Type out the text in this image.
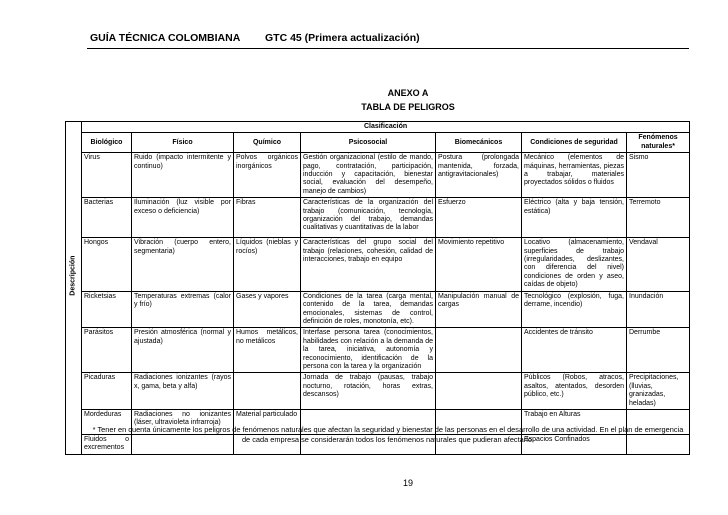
GUÍA TÉCNICA COLOMBIANA GTC 45 (Primera actualización)
ANEXO A
TABLA DE PELIGROS
Descripción	Clasificación						
	Biológico	Físico	Químico	Psicosocial	Biomecánicos	Condiciones de seguridad	Fenómenos naturales*
	Virus	Ruido (impacto intermitente y continuo)	Polvos orgánicos inorgánicos	Gestión organizacional (estilo de mando, pago, contratación, participación, inducción y capacitación, bienestar social, evaluación del desempeño, manejo de cambios)	Postura (prolongada mantenida, forzada, antigravitacionales)	Mecánico (elementos de máquinas, herramientas, piezas a trabajar, materiales proyectados sólidos o fluidos	Sismo
	Bacterias	Iluminación (luz visible por exceso o deficiencia)	Fibras	Características de la organización del trabajo (comunicación, tecnología, organización del trabajo, demandas cualitativas y cuantitativas de la labor	Esfuerzo	Eléctrico (alta y baja tensión, estática)	Terremoto
	Hongos	Vibración (cuerpo entero, segmentaria)	Líquidos (nieblas y rocíos)	Características del grupo social del trabajo (relaciones, cohesión, calidad de interacciones, trabajo en equipo	Movimiento repetitivo	Locativo (almacenamiento, superficies de trabajo (irregularidades, deslizantes, con diferencia del nivel) condiciones de orden y aseo, caídas de objeto)	Vendaval
	Ricketsias	Temperaturas extremas (calor y frío)	Gases y vapores	Condiciones de la tarea (carga mental, contenido de la tarea, demandas emocionales, sistemas de control, definición de roles, monotonía, etc).	Manipulación manual de cargas	Tecnológico (explosión, fuga, derrame, incendio)	Inundación
	Parásitos	Presión atmosférica (normal y ajustada)	Humos metálicos, no metálicos	Interfase persona tarea (conocimientos, habilidades con relación a la demanda de la tarea, iniciativa, autonomía y reconocimiento, identificación de la persona con la tarea y la organización		Accidentes de tránsito	Derrumbe
	Picaduras	Radiaciones ionizantes (rayos x, gama, beta y alfa)		Jornada de trabajo (pausas, trabajo nocturno, rotación, horas extras, descansos)		Públicos (Robos, atracos, asaltos, atentados, desorden público, etc.)	Precipitaciones, (lluvias, granizadas, heladas)
	Mordeduras	Radiaciones no ionizantes (láser, ultravioleta infrarroja)	Material particulado			Trabajo en Alturas	
	Fluidos o excrementos					Espacios Confinados	
* Tener en cuenta únicamente los peligros de fenómenos naturales que afectan la seguridad y bienestar de las personas en el desarrollo de una actividad. En el plan de emergencia de cada empresa se considerarán todos los fenómenos naturales que pudieran afectarlo.
19
